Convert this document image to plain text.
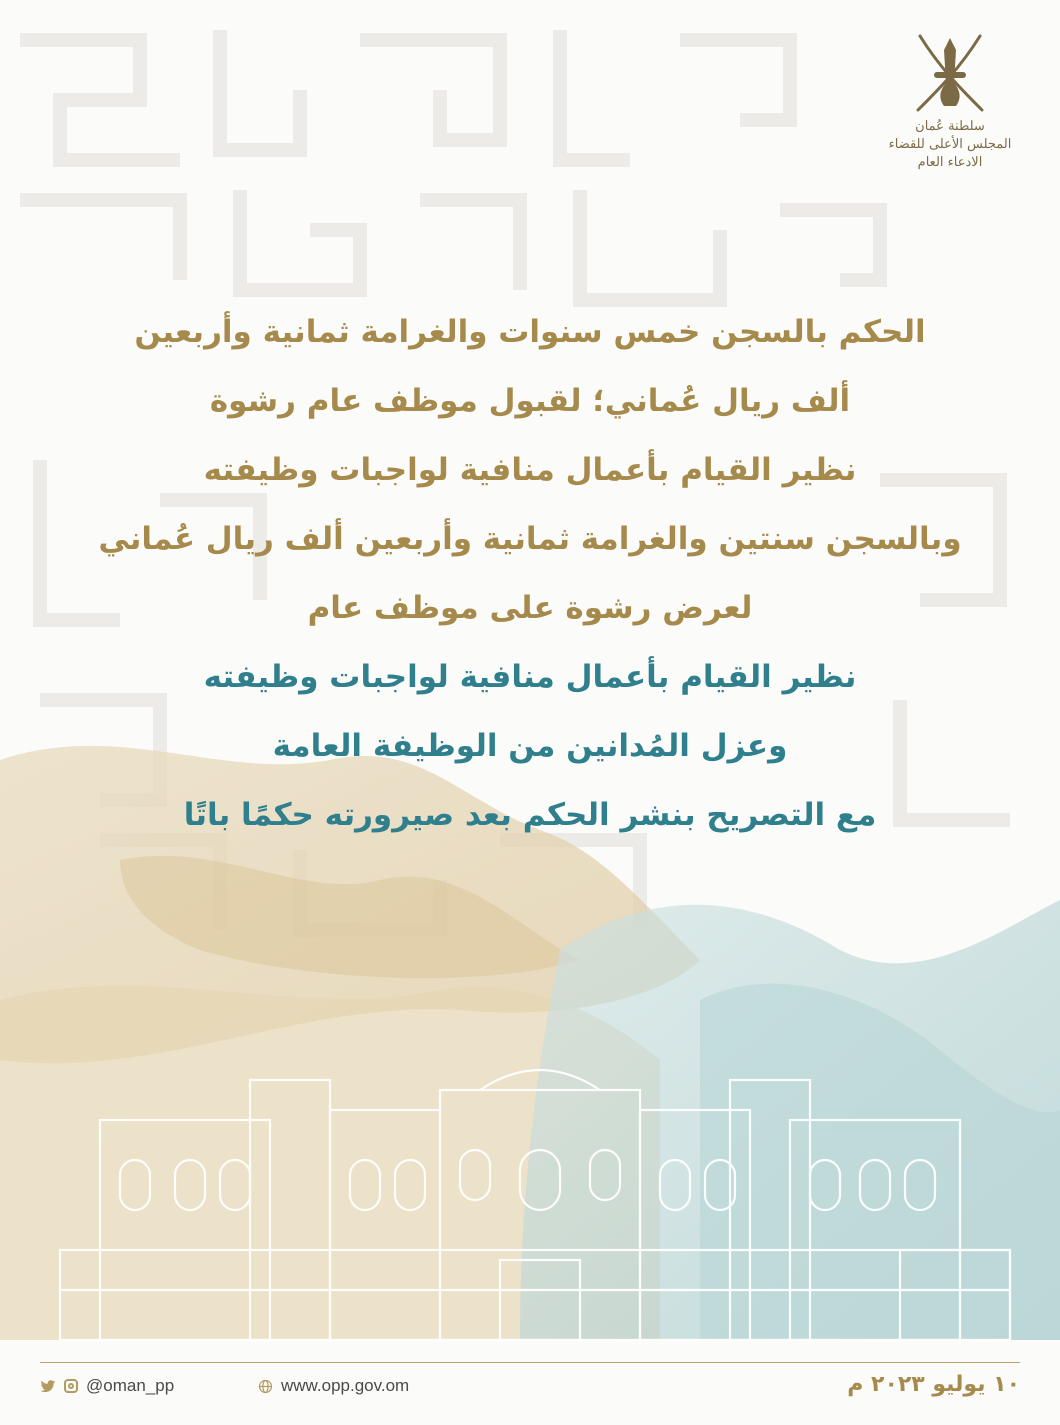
سلطنة عُمان
المجلس الأعلى للقضاء
الادعاء العام
الحكم بالسجن خمس سنوات والغرامة ثمانية وأربعين
ألف ريال عُماني؛ لقبول موظف عام رشوة
نظير القيام بأعمال منافية لواجبات وظيفته
وبالسجن سنتين والغرامة ثمانية وأربعين ألف ريال عُماني
لعرض رشوة على موظف عام
نظير القيام بأعمال منافية لواجبات وظيفته
وعزل المُدانين من الوظيفة العامة
مع التصريح بنشر الحكم بعد صيرورته حكمًا باتًا
@oman_pp	www.opp.gov.om	١٠ يوليو ٢٠٢٣ م
